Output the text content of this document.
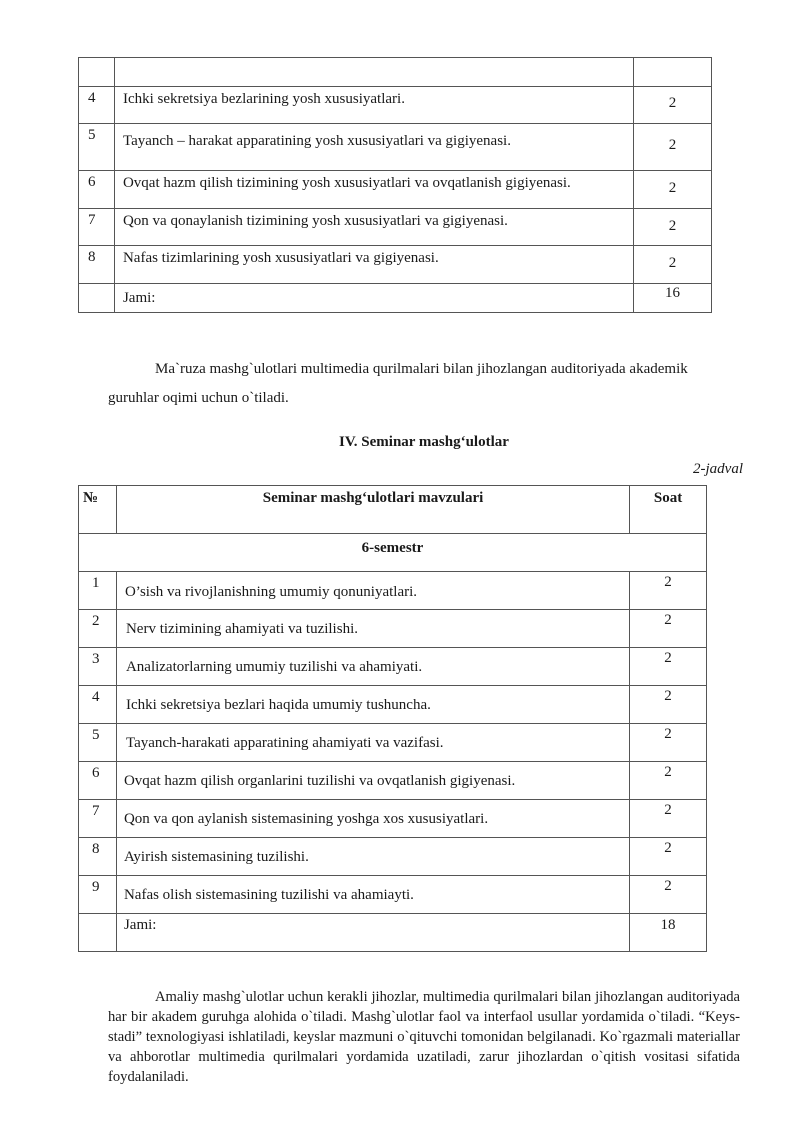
4	Ichki sekretsiya bezlarining yosh xususiyatlari.	2
5	Tayanch – harakat apparatining yosh xususiyatlari va gigiyenasi.	2
6	Ovqat hazm qilish tizimining yosh xususiyatlari va ovqatlanish gigiyenasi.	2
7	Qon va qonaylanish tizimining yosh xususiyatlari va gigiyenasi.	2
8	Nafas tizimlarining yosh xususiyatlari va gigiyenasi.	2
	Jami:	16
Ma`ruza mashg`ulotlari multimedia qurilmalari bilan jihozlangan auditoriyada akademik
guruhlar oqimi uchun o`tiladi.
IV. Seminar mashg‘ulotlar
2-jadval
№	Seminar mashg‘ulotlari mavzulari	Soat
6-semestr		
1	O’sish va rivojlanishning umumiy qonuniyatlari.	2
2	Nerv tizimining ahamiyati va tuzilishi.	2
3	Analizatorlarning umumiy tuzilishi va ahamiyati.	2
4	Ichki sekretsiya bezlari haqida umumiy tushuncha.	2
5	Tayanch-harakati apparatining ahamiyati va vazifasi.	2
6	Ovqat hazm qilish organlarini tuzilishi va ovqatlanish gigiyenasi.	2
7	Qon va qon aylanish sistemasining yoshga xos xususiyatlari.	2
8	Ayirish sistemasining tuzilishi.	2
9	Nafas olish sistemasining tuzilishi va ahamiayti.	2
	Jami:	18
Amaliy mashg`ulotlar uchun kerakli jihozlar, multimedia qurilmalari bilan jihozlangan auditoriyada har bir akadem guruhga alohida o`tiladi. Mashg`ulotlar faol va interfaol usullar yordamida o`tiladi. “Keys-stadi” texnologiyasi ishlatiladi, keyslar mazmuni o`qituvchi tomonidan belgilanadi. Ko`rgazmali materiallar va ahborotlar multimedia qurilmalari yordamida uzatiladi, zarur jihozlardan o`qitish vositasi sifatida foydalaniladi.
